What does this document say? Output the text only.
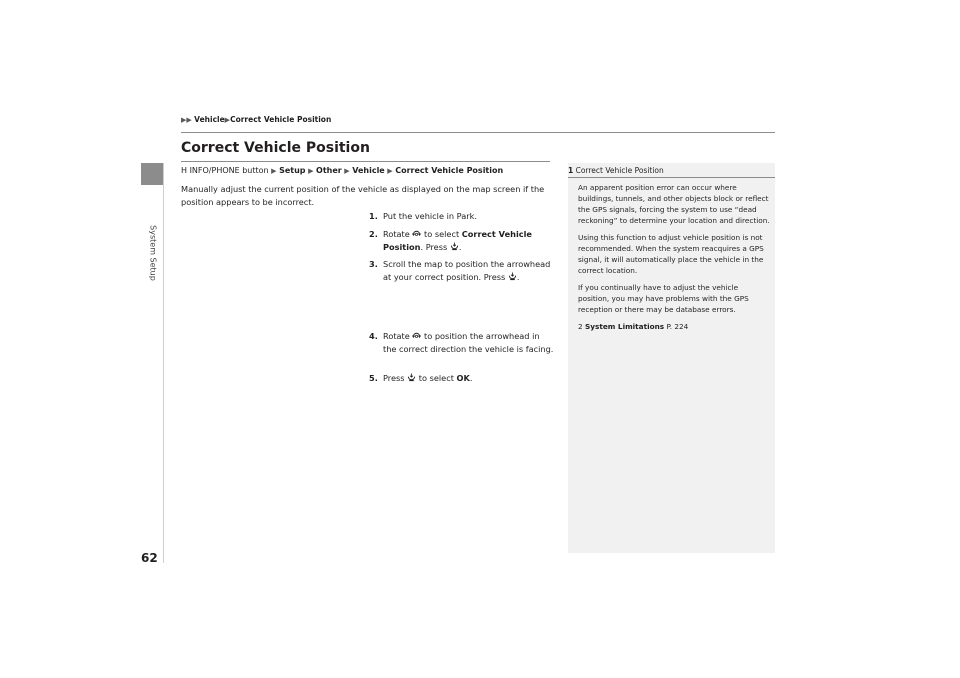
System Setup
▶▶ Vehicle▶Correct Vehicle Position
Correct Vehicle Position
H INFO/PHONE button ▶ Setup ▶ Other ▶ Vehicle ▶ Correct Vehicle Position

Manually adjust the current position of the vehicle as displayed on the map screen if the position appears to be incorrect.

1. Put the vehicle in Park.
2. Rotate to select Correct Vehicle Position. Press .
3. Scroll the map to position the arrowhead at your correct position. Press .
4. Rotate to position the arrowhead in the correct direction the vehicle is facing.
5. Press to select OK.
1 Correct Vehicle Position

An apparent position error can occur where buildings, tunnels, and other objects block or reflect the GPS signals, forcing the system to use “dead reckoning” to determine your location and direction.

Using this function to adjust vehicle position is not recommended. When the system reacquires a GPS signal, it will automatically place the vehicle in the correct location.

If you continually have to adjust the vehicle position, you may have problems with the GPS reception or there may be database errors.

2 System Limitations P. 224
62
